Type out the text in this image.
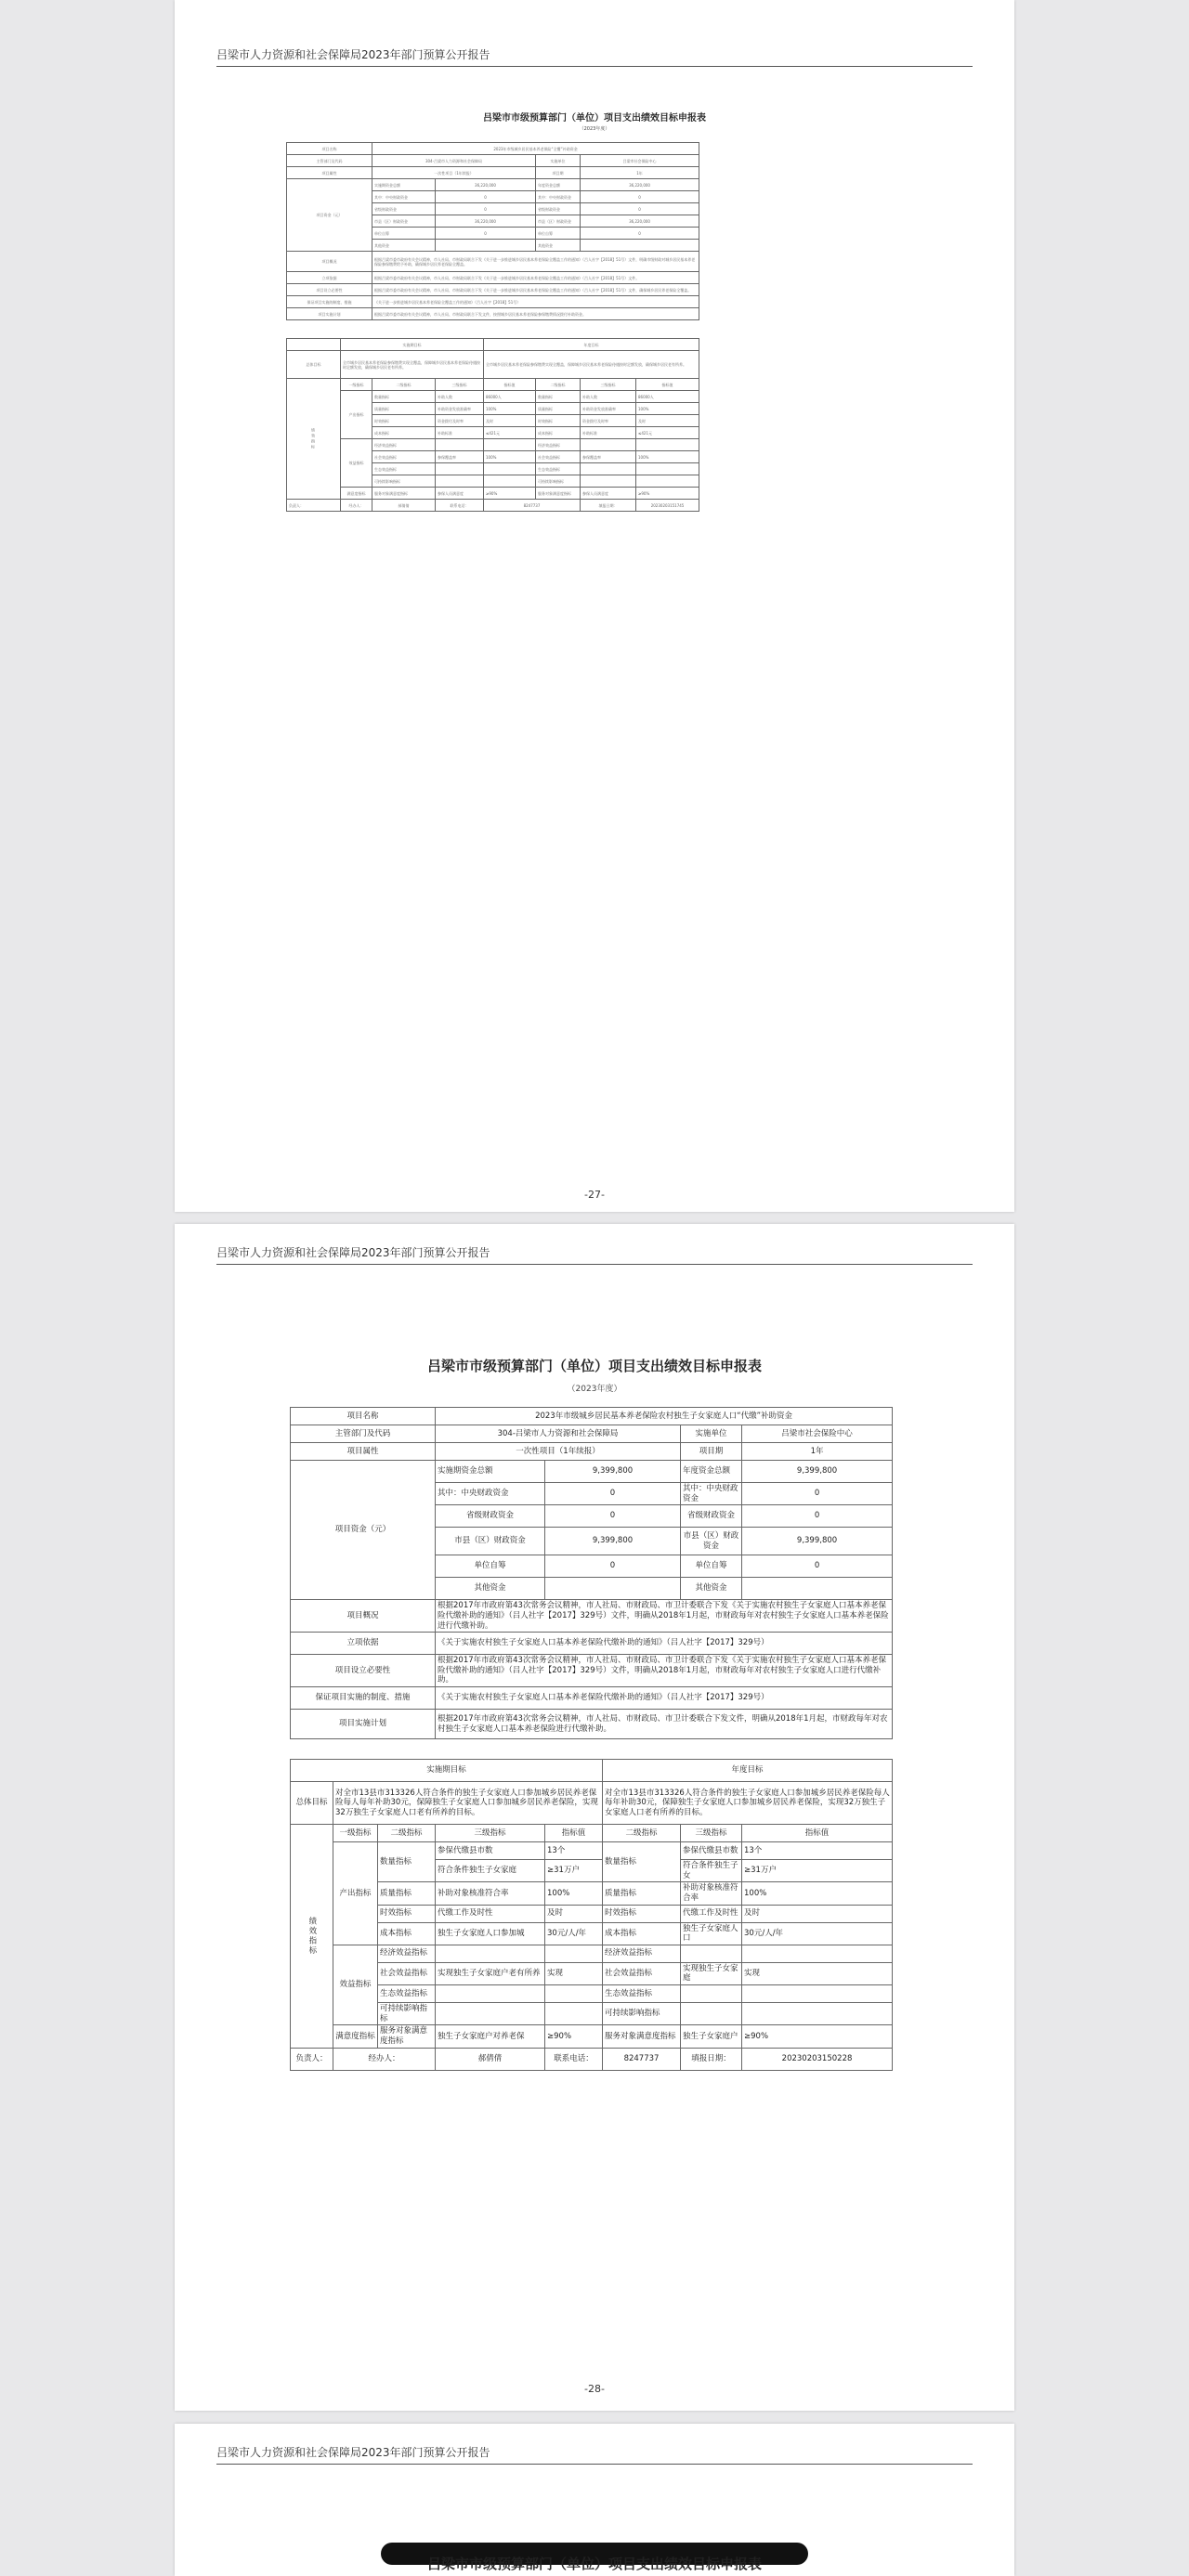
吕梁市人力资源和社会保障局2023年部门预算公开报告
吕梁市市级预算部门（单位）项目支出绩效目标申报表
（2023年度）
项目名称		2023年市级城乡居民基本养老保险“全覆”补助资金					
主管部门及代码		304-吕梁市人力资源和社会保障局			实施单位	吕梁市社会保险中心	
项目属性		一次性项目（1年续报）			项目期	1年	
项目资金（元）		实施期资金总额	36,220,000		年度资金总额	36,220,000	
		其中：中央财政资金	0		其中：中央财政资金	0	
		省级财政资金	0		省级财政资金	0	
		市县（区）财政资金	36,220,000		市县（区）财政资金	36,220,000	
		单位自筹	0		单位自筹	0	
		其他资金			其他资金		
项目概况		根据吕梁市委市政府有关会议精神，市人社局、市财政局联合下发《关于进一步推进城乡居民基本养老保险全覆盖工作的通知》（吕人社字【2018】51号）文件，明确市级财政对城乡居民基本养老保险参保缴费给予补助，确保城乡居民养老保险全覆盖。					
立项依据		根据吕梁市委市政府有关会议精神，市人社局、市财政局联合下发《关于进一步推进城乡居民基本养老保险全覆盖工作的通知》（吕人社字【2018】51号）文件。					
项目设立必要性		根据吕梁市委市政府有关会议精神，市人社局、市财政局联合下发《关于进一步推进城乡居民基本养老保险全覆盖工作的通知》（吕人社字【2018】51号）文件，确保城乡居民养老保险全覆盖。					
保证项目实施的制度、措施		《关于进一步推进城乡居民基本养老保险全覆盖工作的通知》（吕人社字【2018】51号）					
项目实施计划		根据吕梁市委市政府有关会议精神，市人社局、市财政局联合下发文件，按照城乡居民基本养老保险参保缴费情况拨付补助资金。					

	实施期目标			年度目标			
总体目标	全市城乡居民基本养老保险参保缴费实现全覆盖，保障城乡居民基本养老保险待遇按时足额发放，确保城乡居民老有所养。			全市城乡居民基本养老保险参保缴费实现全覆盖，保障城乡居民基本养老保险待遇按时足额发放，确保城乡居民老有所养。			
绩效指标	一级指标	二级指标	三级指标	指标值	二级指标	三级指标	指标值
	产出指标	数量指标	补助人数	86000人	数量指标	补助人数	86000人
		质量指标	补助资金发放准确率	100%	质量指标	补助资金发放准确率	100%
		时效指标	资金拨付及时率	及时	时效指标	资金拨付及时率	及时
		成本指标	补助标准	≤421元	成本指标	补助标准	≤421元
	效益指标	经济效益指标			经济效益指标		
		社会效益指标	参保覆盖率	100%	社会效益指标	参保覆盖率	100%
		生态效益指标			生态效益指标		
		可持续影响指标			可持续影响指标		
	满意度指标	服务对象满意度指标	参保人员满意度	≥90%	服务对象满意度指标	参保人员满意度	≥90%
负责人：	经办人：	郝倩倩	联系电话：	8247737		填报日期：	20230203151745
-27-
吕梁市人力资源和社会保障局2023年部门预算公开报告
吕梁市市级预算部门（单位）项目支出绩效目标申报表
（2023年度）
项目名称			2023年市级城乡居民基本养老保险农村独生子女家庭人口“代缴”补助资金				
主管部门及代码			304-吕梁市人力资源和社会保障局			实施单位	吕梁市社会保险中心
项目属性			一次性项目（1年续报）			项目期	1年
项目资金（元）			实施期资金总额	9,399,800		年度资金总额	9,399,800
			其中：中央财政资金	0		其中：中央财政资金	0
			省级财政资金	0		省级财政资金	0
			市县（区）财政资金	9,399,800		市县（区）财政资金	9,399,800
			单位自筹	0		单位自筹	0
			其他资金			其他资金	
项目概况			根据2017年市政府第43次常务会议精神，市人社局、市财政局、市卫计委联合下发《关于实施农村独生子女家庭人口基本养老保险代缴补助的通知》（吕人社字【2017】329号）文件，明确从2018年1月起，市财政每年对农村独生子女家庭人口基本养老保险进行代缴补助。				
立项依据			《关于实施农村独生子女家庭人口基本养老保险代缴补助的通知》（吕人社字【2017】329号）				
项目设立必要性			根据2017年市政府第43次常务会议精神，市人社局、市财政局、市卫计委联合下发《关于实施农村独生子女家庭人口基本养老保险代缴补助的通知》（吕人社字【2017】329号）文件，明确从2018年1月起，市财政每年对农村独生子女家庭人口进行代缴补助。				
保证项目实施的制度、措施			《关于实施农村独生子女家庭人口基本养老保险代缴补助的通知》（吕人社字【2017】329号）				
项目实施计划			根据2017年市政府第43次常务会议精神，市人社局、市财政局、市卫计委联合下发文件，明确从2018年1月起，市财政每年对农村独生子女家庭人口基本养老保险进行代缴补助。				

实施期目标					年度目标		
总体目标	对全市13县市313326人符合条件的独生子女家庭人口参加城乡居民养老保险每人每年补助30元，保障独生子女家庭人口参加城乡居民养老保险，实现32万独生子女家庭人口老有所养的目标。				对全市13县市313326人符合条件的独生子女家庭人口参加城乡居民养老保险每人每年补助30元，保障独生子女家庭人口参加城乡居民养老保险，实现32万独生子女家庭人口老有所养的目标。		
绩效指标	一级指标	二级指标	三级指标	指标值	二级指标	三级指标	指标值
	产出指标	数量指标	参保代缴县市数	13个	数量指标	参保代缴县市数	13个
			符合条件独生子女家庭	≥31万户		符合条件独生子女	≥31万户
		质量指标	补助对象核准符合率	100%	质量指标	补助对象核准符合率	100%
		时效指标	代缴工作及时性	及时	时效指标	代缴工作及时性	及时
		成本指标	独生子女家庭人口参加城	30元/人/年	成本指标	独生子女家庭人口	30元/人/年
	效益指标	经济效益指标			经济效益指标		
		社会效益指标	实现独生子女家庭户老有所养	实现	社会效益指标	实现独生子女家庭	实现
		生态效益指标			生态效益指标		
		可持续影响指标			可持续影响指标		
	满意度指标	服务对象满意度指标	独生子女家庭户对养老保	≥90%	服务对象满意度指标	独生子女家庭户	≥90%
负责人：	经办人：		郝倩倩	联系电话：	8247737	填报日期：	20230203150228
-28-
吕梁市人力资源和社会保障局2023年部门预算公开报告
吕梁市市级预算部门（单位）项目支出绩效目标申报表
